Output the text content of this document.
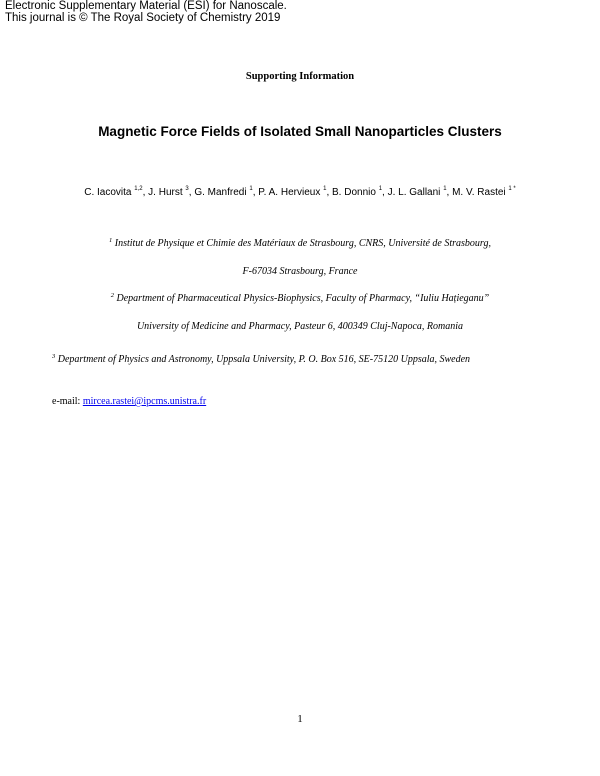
Electronic Supplementary Material (ESI) for Nanoscale.
This journal is © The Royal Society of Chemistry 2019
Supporting Information
Magnetic Force Fields of Isolated Small Nanoparticles Clusters
C. Iacovita $^{1,2}$, J. Hurst $^3$, G. Manfredi $^1$, P. A. Hervieux $^1$, B. Donnio $^1$, J. L. Gallani $^1$, M. V. Rastei $^{1 *}$
$^1$ Institut de Physique et Chimie des Matériaux de Strasbourg, CNRS, Université de Strasbourg,
F-67034 Strasbourg, France
$^2$ Department of Pharmaceutical Physics-Biophysics, Faculty of Pharmacy, “Iuliu Hațieganu”
University of Medicine and Pharmacy, Pasteur 6, 400349 Cluj-Napoca, Romania
$^3$ Department of Physics and Astronomy, Uppsala University, P. O. Box 516, SE-75120 Uppsala, Sweden
e-mail: mircea.rastei@ipcms.unistra.fr
1
